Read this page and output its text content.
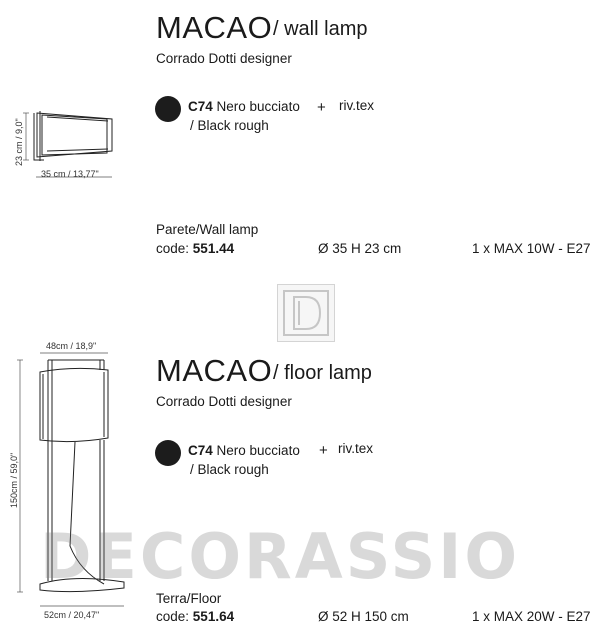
MACAO / wall lamp
Corrado Dotti designer
C74 Nero bucciato
/ Black rough
+ riv.tex
23 cm / 9,0"
35 cm / 13,77"
Parete/Wall lamp
code: 551.44	Ø 35 H 23 cm	1 x MAX 10W - E27
MACAO / floor lamp
Corrado Dotti designer
C74 Nero bucciato
/ Black rough
+ riv.tex
48cm / 18,9"
150cm / 59,0"
52cm / 20,47"
Terra/Floor
code: 551.64	Ø 52 H 150 cm	1 x MAX 20W - E27
DECORASSIO
